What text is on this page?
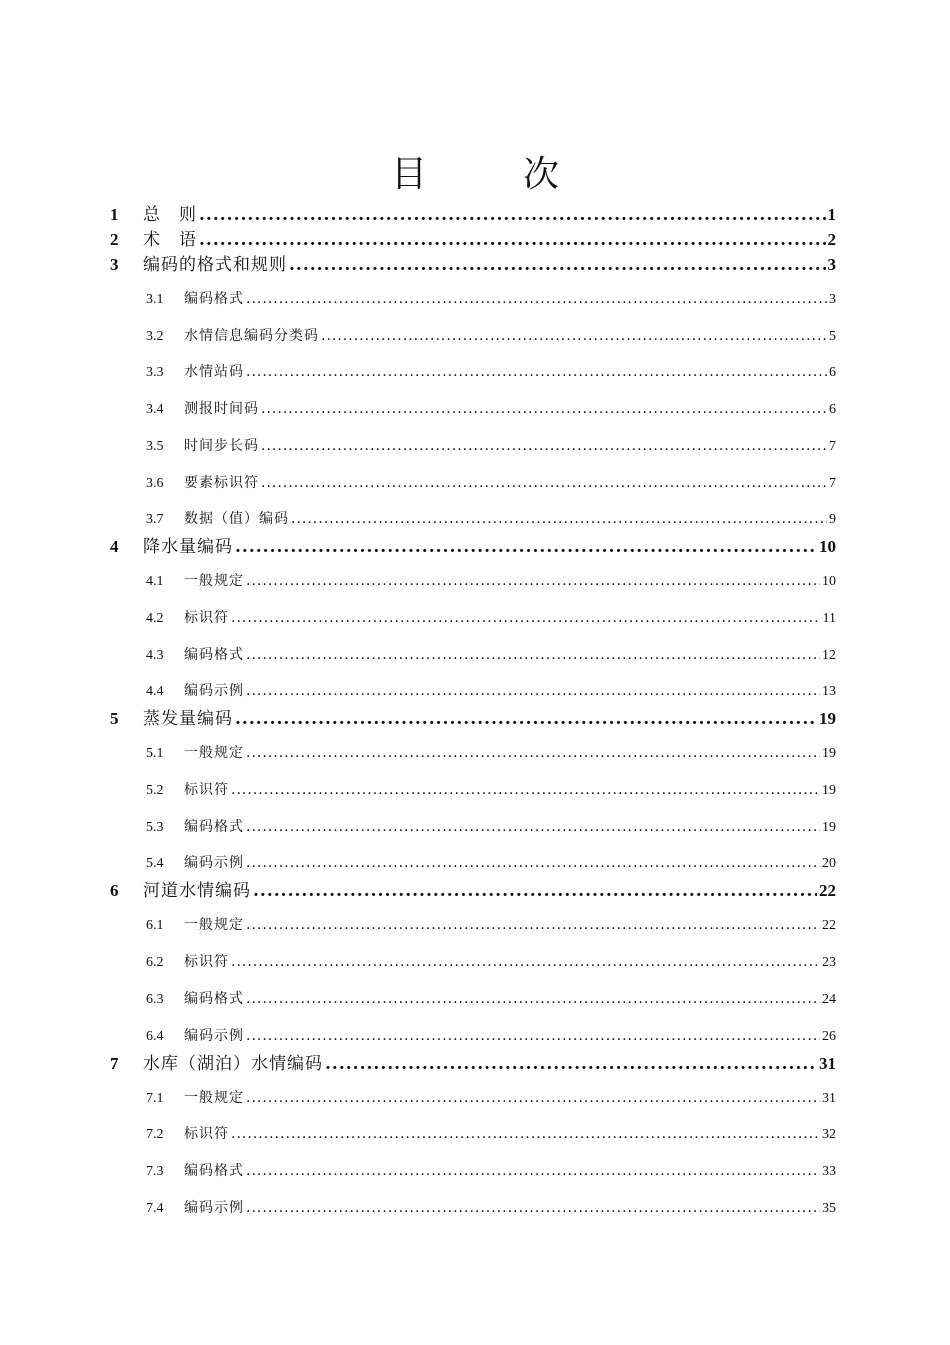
目　次
1	总　则 .....	1
2	术　语 .....	2
3	编码的格式和规则 .....	3
3.1	编码格式 .....	3
3.2	水情信息编码分类码 .....	5
3.3	水情站码 .....	6
3.4	测报时间码 .....	6
3.5	时间步长码 .....	7
3.6	要素标识符 .....	7
3.7	数据（值）编码 .....	9
4	降水量编码 .....	10
4.1	一般规定 .....	10
4.2	标识符 .....	11
4.3	编码格式 .....	12
4.4	编码示例 .....	13
5	蒸发量编码 .....	19
5.1	一般规定 .....	19
5.2	标识符 .....	19
5.3	编码格式 .....	19
5.4	编码示例 .....	20
6	河道水情编码 .....	22
6.1	一般规定 .....	22
6.2	标识符 .....	23
6.3	编码格式 .....	24
6.4	编码示例 .....	26
7	水库（湖泊）水情编码 .....	31
7.1	一般规定 .....	31
7.2	标识符 .....	32
7.3	编码格式 .....	33
7.4	编码示例 .....	35
